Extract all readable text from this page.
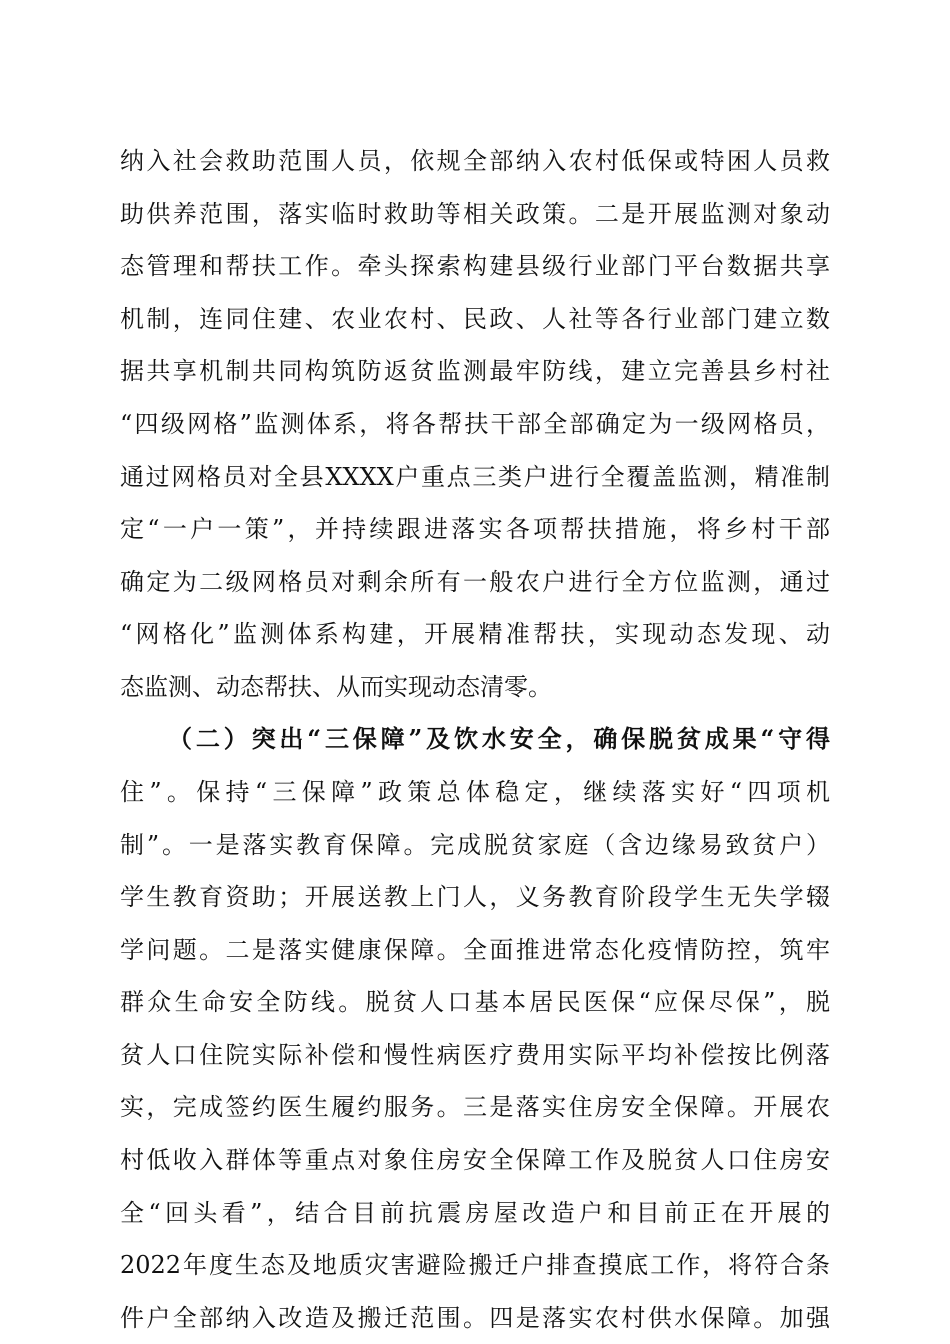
纳入社会救助范围人员，依规全部纳入农村低保或特困人员救
助供养范围，落实临时救助等相关政策。二是开展监测对象动
态管理和帮扶工作。牵头探索构建县级行业部门平台数据共享
机制，连同住建、农业农村、民政、人社等各行业部门建立数
据共享机制共同构筑防返贫监测最牢防线，建立完善县乡村社
“四级网格”监测体系，将各帮扶干部全部确定为一级网格员，
通过网格员对全县XXXX户重点三类户进行全覆盖监测，精准制
定“一户一策”，并持续跟进落实各项帮扶措施，将乡村干部
确定为二级网格员对剩余所有一般农户进行全方位监测，通过
“网格化”监测体系构建，开展精准帮扶，实现动态发现、动
态监测、动态帮扶、从而实现动态清零。
（二）突出“三保障”及饮水安全，确保脱贫成果“守得
住”。保持“三保障”政策总体稳定，继续落实好“四项机
制”。一是落实教育保障。完成脱贫家庭（含边缘易致贫户）
学生教育资助；开展送教上门人，义务教育阶段学生无失学辍
学问题。二是落实健康保障。全面推进常态化疫情防控，筑牢
群众生命安全防线。脱贫人口基本居民医保“应保尽保”，脱
贫人口住院实际补偿和慢性病医疗费用实际平均补偿按比例落
实，完成签约医生履约服务。三是落实住房安全保障。开展农
村低收入群体等重点对象住房安全保障工作及脱贫人口住房安
全“回头看”，结合目前抗震房屋改造户和目前正在开展的
2022年度生态及地质灾害避险搬迁户排查摸底工作，将符合条
件户全部纳入改造及搬迁范围。四是落实农村供水保障。加强
